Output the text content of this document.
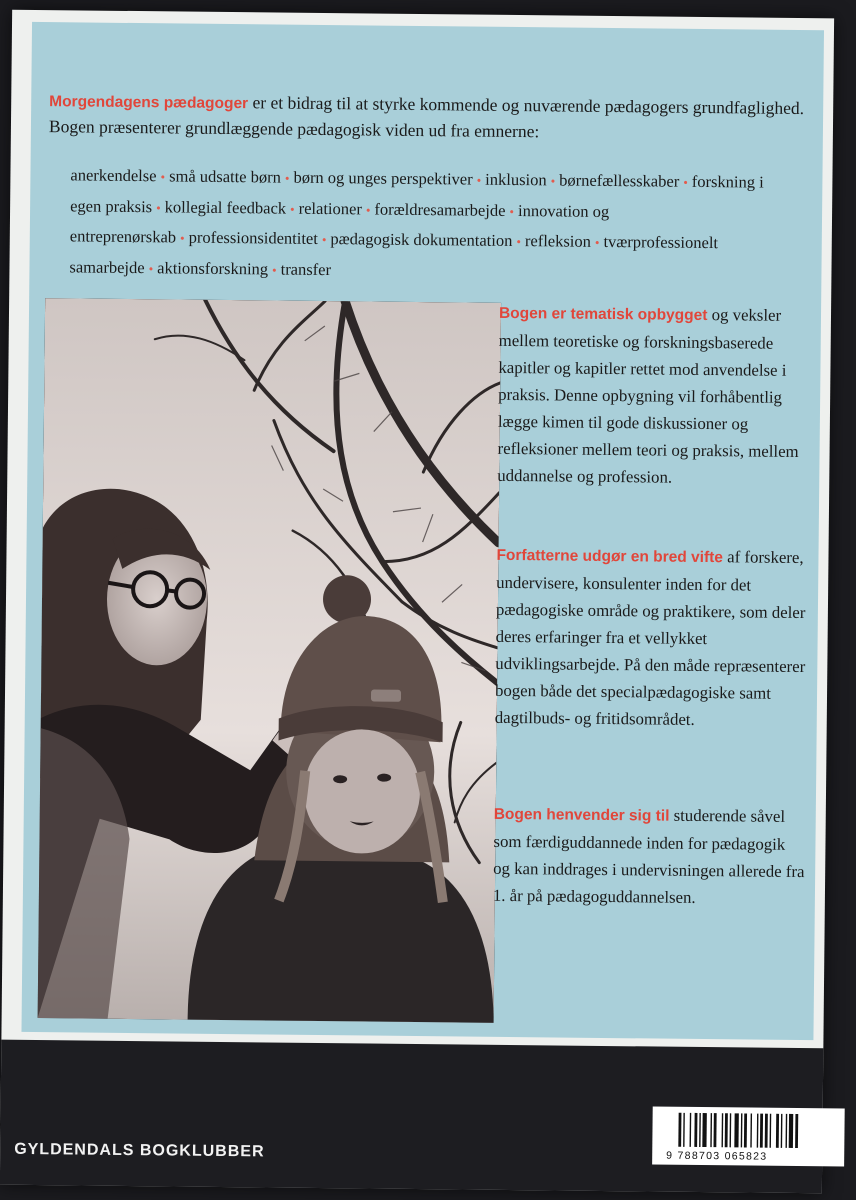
Morgendagens pædagoger er et bidrag til at styrke kommende og nuværende pædagogers grundfaglighed. Bogen præsenterer grundlæggende pædagogisk viden ud fra emnerne:
anerkendelse • små udsatte børn • børn og unges perspektiver • inklusion • børnefællesskaber • forskning i egen praksis • kollegial feedback • relationer • forældresamarbejde • innovation og entreprenørskab • professionsidentitet • pædagogisk dokumentation • refleksion • tværprofessionelt samarbejde • aktionsforskning • transfer
Bogen er tematisk opbygget og veksler mellem teoretiske og forskningsbaserede kapitler og kapitler rettet mod anvendelse i praksis. Denne opbygning vil forhåbentlig lægge kimen til gode diskussioner og refleksioner mellem teori og praksis, mellem uddannelse og profession.
Forfatterne udgør en bred vifte af forskere, undervisere, konsulenter inden for det pædagogiske område og praktikere, som deler deres erfaringer fra et vellykket udviklingsarbejde. På den måde repræsenterer bogen både det specialpædagogiske samt dagtilbuds- og fritidsområdet.
Bogen henvender sig til studerende såvel som færdiguddannede inden for pædagogik og kan inddrages i undervisningen allerede fra 1. år på pædagoguddannelsen.
GYLDENDALS BOGKLUBBER	9 788703 065823
